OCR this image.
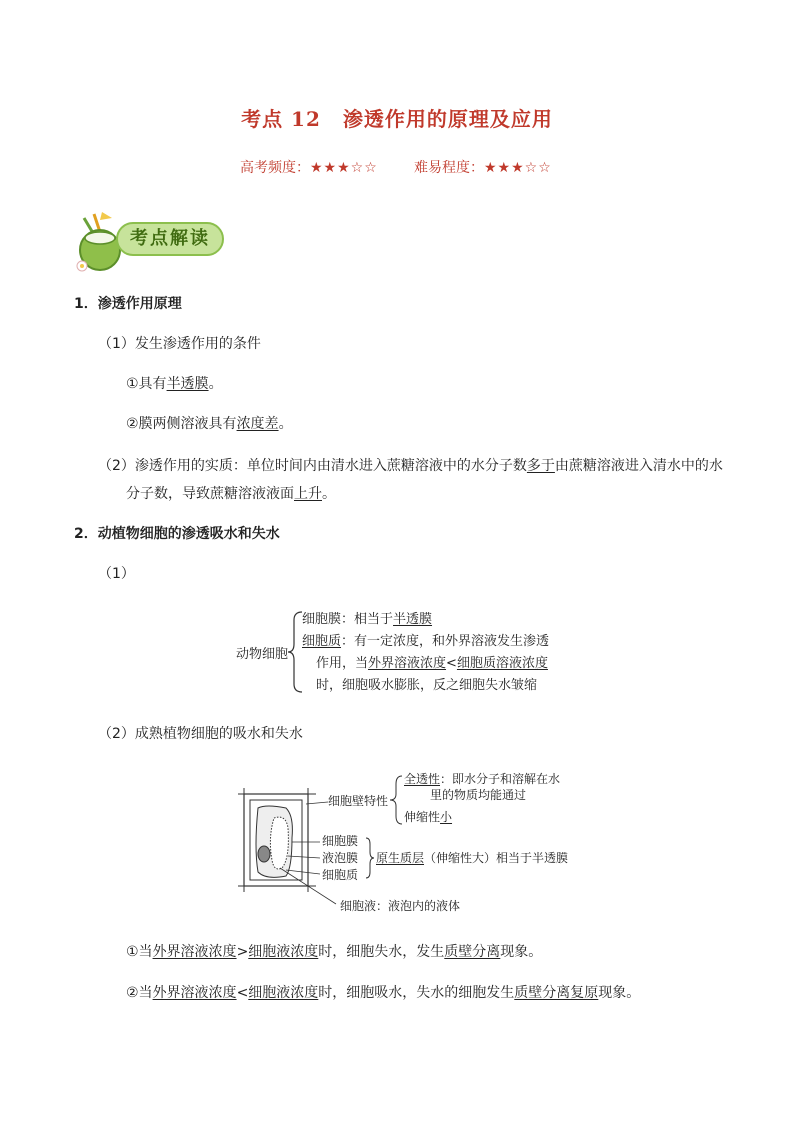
考点 12 渗透作用的原理及应用
高考频度：★★★☆☆	难易程度：★★★☆☆
考点解读
1．渗透作用原理
（1）发生渗透作用的条件
①具有半透膜。
②膜两侧溶液具有浓度差。
（2）渗透作用的实质：单位时间内由清水进入蔗糖溶液中的水分子数多于由蔗糖溶液进入清水中的水
分子数，导致蔗糖溶液液面上升。
2．动植物细胞的渗透吸水和失水
（1）
动物细胞
细胞膜：相当于半透膜
细胞质：有一定浓度，和外界溶液发生渗透
作用，当外界溶液浓度<细胞质溶液浓度
时，细胞吸水膨胀，反之细胞失水皱缩
（2）成熟植物细胞的吸水和失水
细胞壁特性
全透性：即水分子和溶解在水
里的物质均能通过
伸缩性小
细胞膜
液泡膜
细胞质
原生质层（伸缩性大）相当于半透膜
细胞液：液泡内的液体
①当外界溶液浓度>细胞液浓度时，细胞失水，发生质壁分离现象。
②当外界溶液浓度<细胞液浓度时，细胞吸水，失水的细胞发生质壁分离复原现象。
